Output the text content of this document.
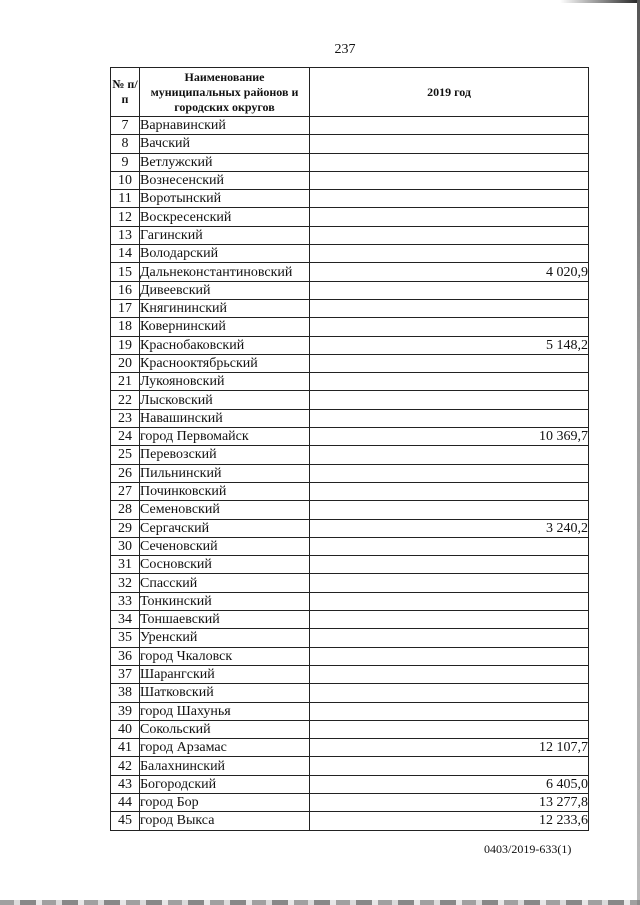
237
№ п/п	Наименование муниципальных районов и городских округов	2019 год
7	Варнавинский	
8	Вачский	
9	Ветлужский	
10	Вознесенский	
11	Воротынский	
12	Воскресенский	
13	Гагинский	
14	Володарский	
15	Дальнеконстантиновский	4 020,9
16	Дивеевский	
17	Княгининский	
18	Ковернинский	
19	Краснобаковский	5 148,2
20	Краснооктябрьский	
21	Лукояновский	
22	Лысковский	
23	Навашинский	
24	город Первомайск	10 369,7
25	Перевозский	
26	Пильнинский	
27	Починковский	
28	Семеновский	
29	Сергачский	3 240,2
30	Сеченовский	
31	Сосновский	
32	Спасский	
33	Тонкинский	
34	Тоншаевский	
35	Уренский	
36	город Чкаловск	
37	Шарангский	
38	Шатковский	
39	город Шахунья	
40	Сокольский	
41	город Арзамас	12 107,7
42	Балахнинский	
43	Богородский	6 405,0
44	город Бор	13 277,8
45	город Выкса	12 233,6
0403/2019-633(1)
